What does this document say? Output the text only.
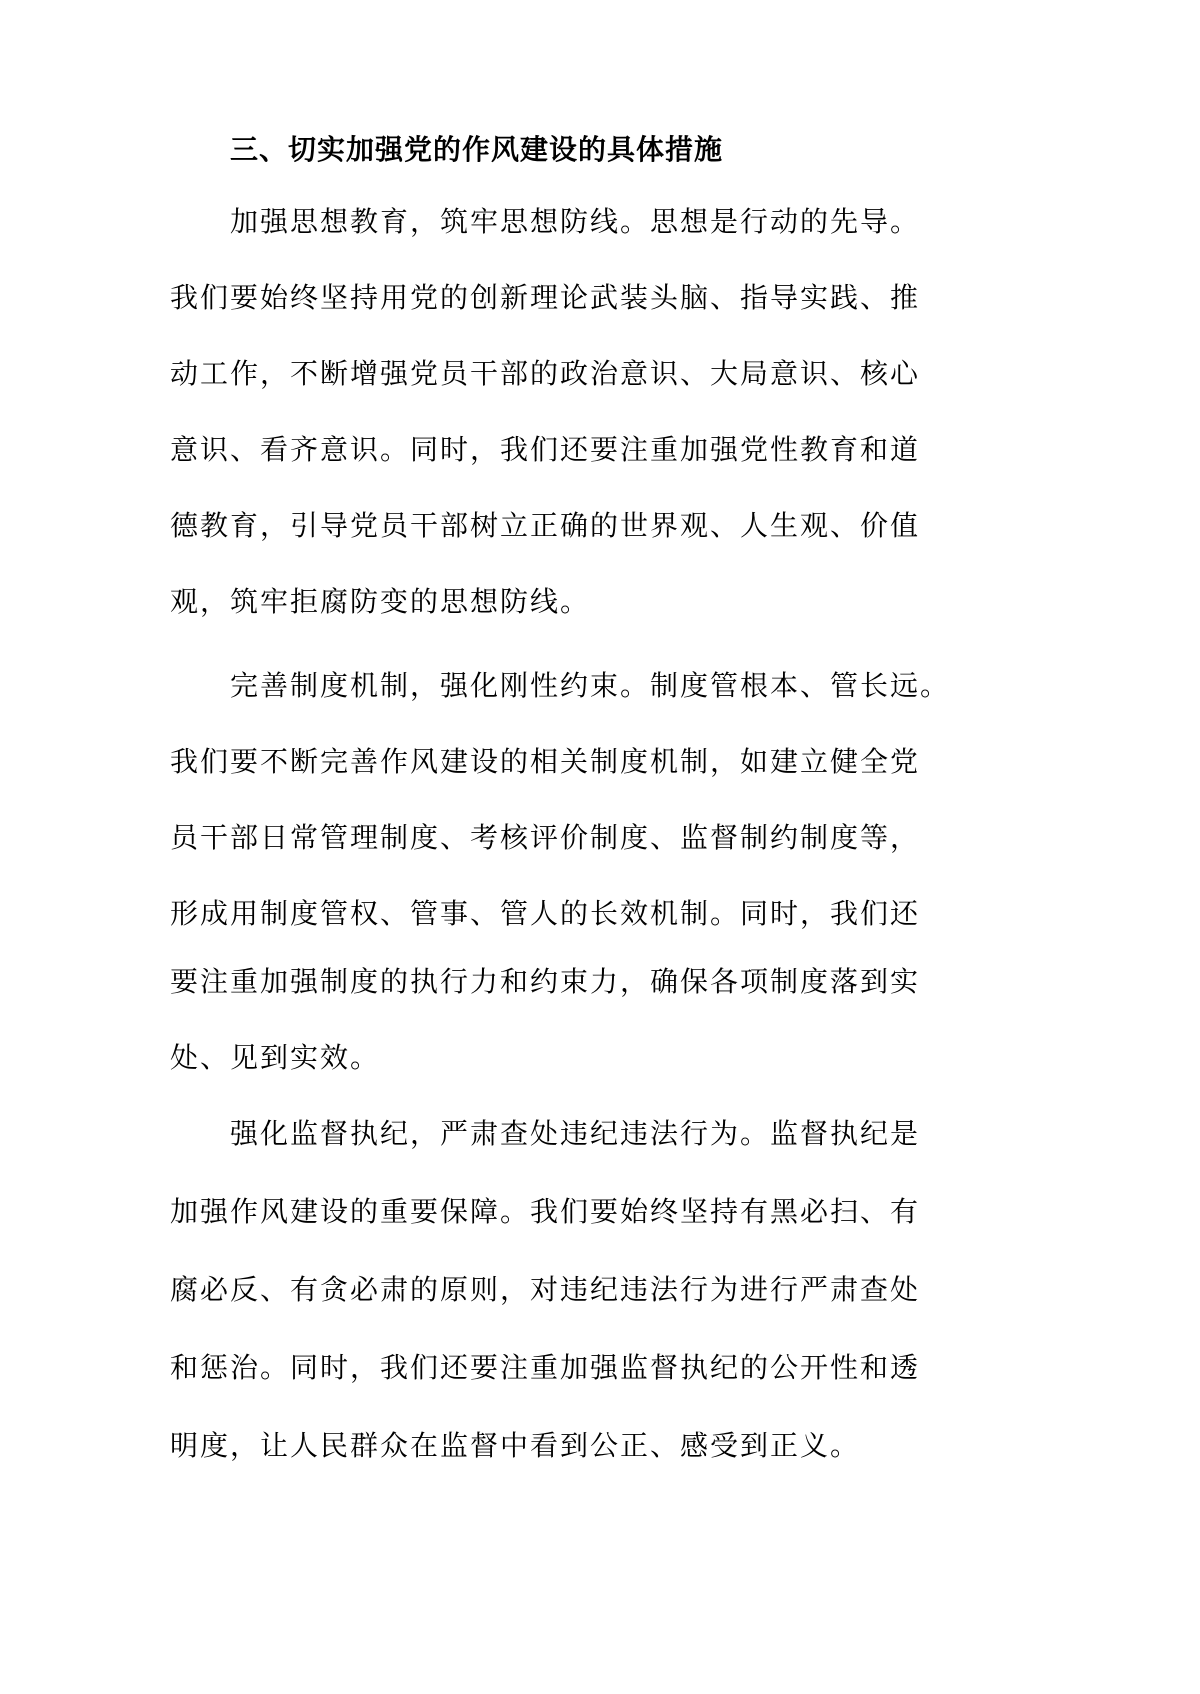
三、切实加强党的作风建设的具体措施
加强思想教育，筑牢思想防线。思想是行动的先导。
我们要始终坚持用党的创新理论武装头脑、指导实践、推
动工作，不断增强党员干部的政治意识、大局意识、核心
意识、看齐意识。同时，我们还要注重加强党性教育和道
德教育，引导党员干部树立正确的世界观、人生观、价值
观，筑牢拒腐防变的思想防线。
完善制度机制，强化刚性约束。制度管根本、管长远。
我们要不断完善作风建设的相关制度机制，如建立健全党
员干部日常管理制度、考核评价制度、监督制约制度等，
形成用制度管权、管事、管人的长效机制。同时，我们还
要注重加强制度的执行力和约束力，确保各项制度落到实
处、见到实效。
强化监督执纪，严肃查处违纪违法行为。监督执纪是
加强作风建设的重要保障。我们要始终坚持有黑必扫、有
腐必反、有贪必肃的原则，对违纪违法行为进行严肃查处
和惩治。同时，我们还要注重加强监督执纪的公开性和透
明度，让人民群众在监督中看到公正、感受到正义。
